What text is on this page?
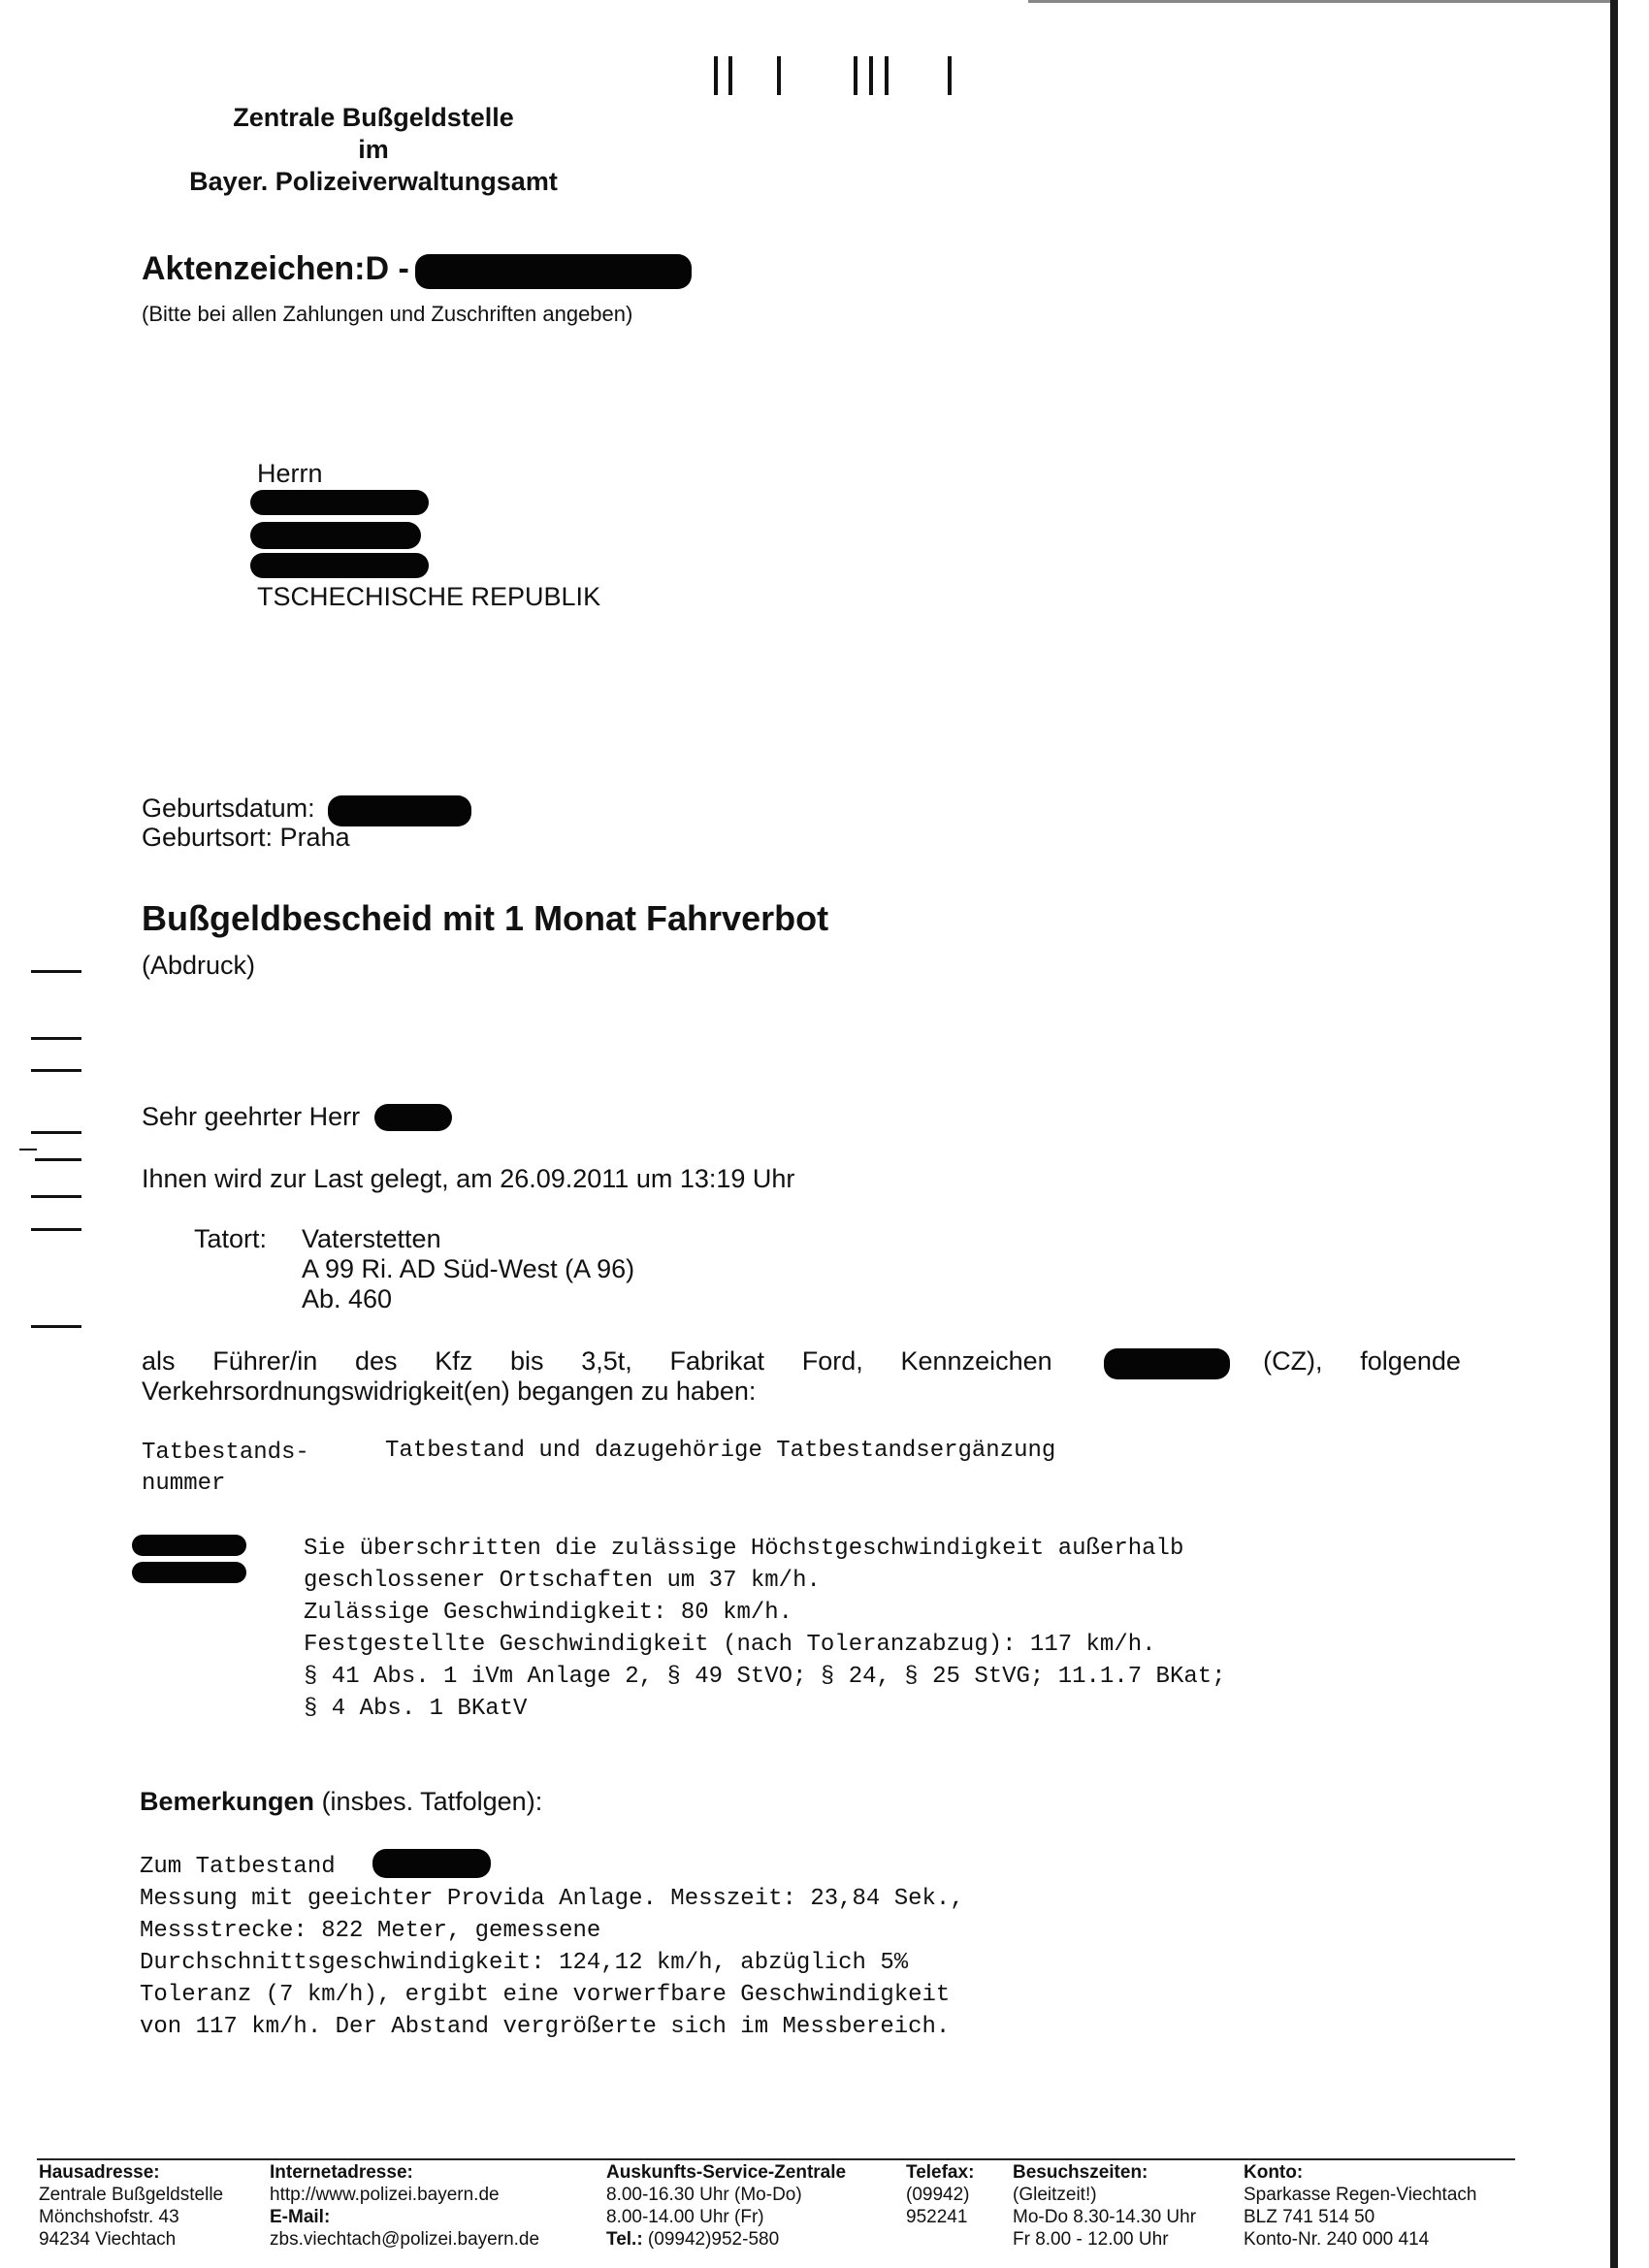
Zentrale Bußgeldstelle
im
Bayer. Polizeiverwaltungsamt
Aktenzeichen:D -
(Bitte bei allen Zahlungen und Zuschriften angeben)
Herrn
TSCHECHISCHE REPUBLIK
Geburtsdatum:
Geburtsort: Praha
Bußgeldbescheid mit 1 Monat Fahrverbot
(Abdruck)
Sehr geehrter Herr
Ihnen wird zur Last gelegt, am 26.09.2011 um 13:19 Uhr
Tatort: Vaterstetten
A 99 Ri. AD Süd-West (A 96)
Ab. 460
als Führer/in des Kfz bis 3,5t, Fabrikat Ford, Kennzeichen	(CZ), folgende
Verkehrsordnungswidrigkeit(en) begangen zu haben:
Tatbestands-
nummer
Tatbestand und dazugehörige Tatbestandsergänzung
Sie überschritten die zulässige Höchstgeschwindigkeit außerhalb
geschlossener Ortschaften um 37 km/h.
Zulässige Geschwindigkeit: 80 km/h.
Festgestellte Geschwindigkeit (nach Toleranzabzug): 117 km/h.
§ 41 Abs. 1 iVm Anlage 2, § 49 StVO; § 24, § 25 StVG; 11.1.7 BKat;
§ 4 Abs. 1 BKatV
Bemerkungen (insbes. Tatfolgen):
Zum Tatbestand
Messung mit geeichter Provida Anlage. Messzeit: 23,84 Sek.,
Messstrecke: 822 Meter, gemessene
Durchschnittsgeschwindigkeit: 124,12 km/h, abzüglich 5%
Toleranz (7 km/h), ergibt eine vorwerfbare Geschwindigkeit
von 117 km/h. Der Abstand vergrößerte sich im Messbereich.
Hausadresse:
Zentrale Bußgeldstelle
Mönchshofstr. 43
94234 Viechtach
Internetadresse:
http://www.polizei.bayern.de
E-Mail:
zbs.viechtach@polizei.bayern.de
Auskunfts-Service-Zentrale
8.00-16.30 Uhr (Mo-Do)
8.00-14.00 Uhr (Fr)
Tel.: (09942)952-580
Telefax:
(09942)
952241
Besuchszeiten:
(Gleitzeit!)
Mo-Do 8.30-14.30 Uhr
Fr 8.00 - 12.00 Uhr
Konto:
Sparkasse Regen-Viechtach
BLZ 741 514 50
Konto-Nr. 240 000 414
